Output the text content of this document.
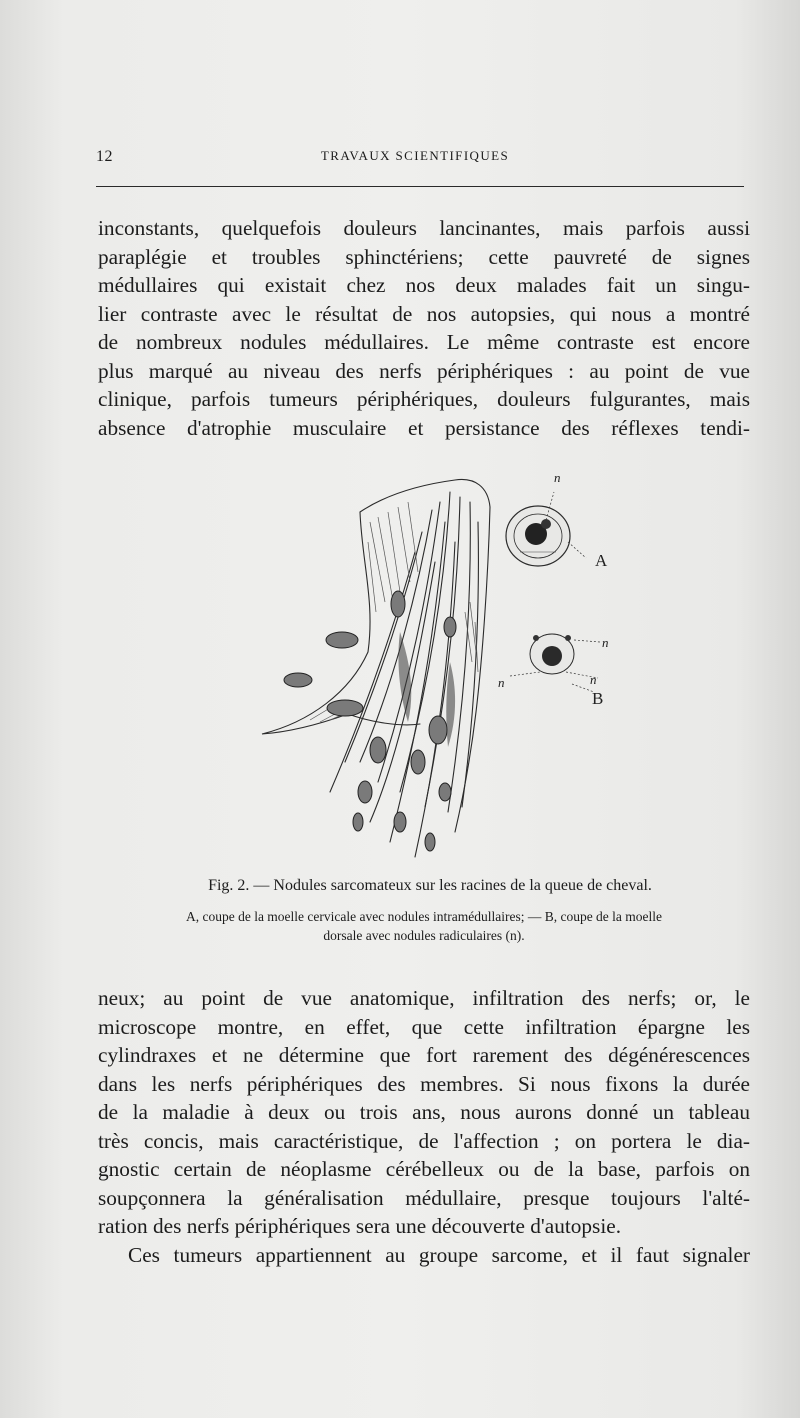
12	TRAVAUX SCIENTIFIQUES
inconstants, quelquefois douleurs lancinantes, mais parfois aussi
paraplégie et troubles sphinctériens; cette pauvreté de signes
médullaires qui existait chez nos deux malades fait un singu-
lier contraste avec le résultat de nos autopsies, qui nous a montré
de nombreux nodules médullaires. Le même contraste est encore
plus marqué au niveau des nerfs périphériques : au point de vue
clinique, parfois tumeurs périphériques, douleurs fulgurantes, mais
absence d'atrophie musculaire et persistance des réflexes tendi-
n
A
n
n
n
B
Fig. 2. — Nodules sarcomateux sur les racines de la queue de cheval.
A, coupe de la moelle cervicale avec nodules intramédullaires; — B, coupe de la moelle
dorsale avec nodules radiculaires (n).
neux; au point de vue anatomique, infiltration des nerfs; or, le
microscope montre, en effet, que cette infiltration épargne les
cylindraxes et ne détermine que fort rarement des dégénérescences
dans les nerfs périphériques des membres. Si nous fixons la durée
de la maladie à deux ou trois ans, nous aurons donné un tableau
très concis, mais caractéristique, de l'affection ; on portera le dia-
gnostic certain de néoplasme cérébelleux ou de la base, parfois on
soupçonnera la généralisation médullaire, presque toujours l'alté-
ration des nerfs périphériques sera une découverte d'autopsie.
Ces tumeurs appartiennent au groupe sarcome, et il faut signaler
